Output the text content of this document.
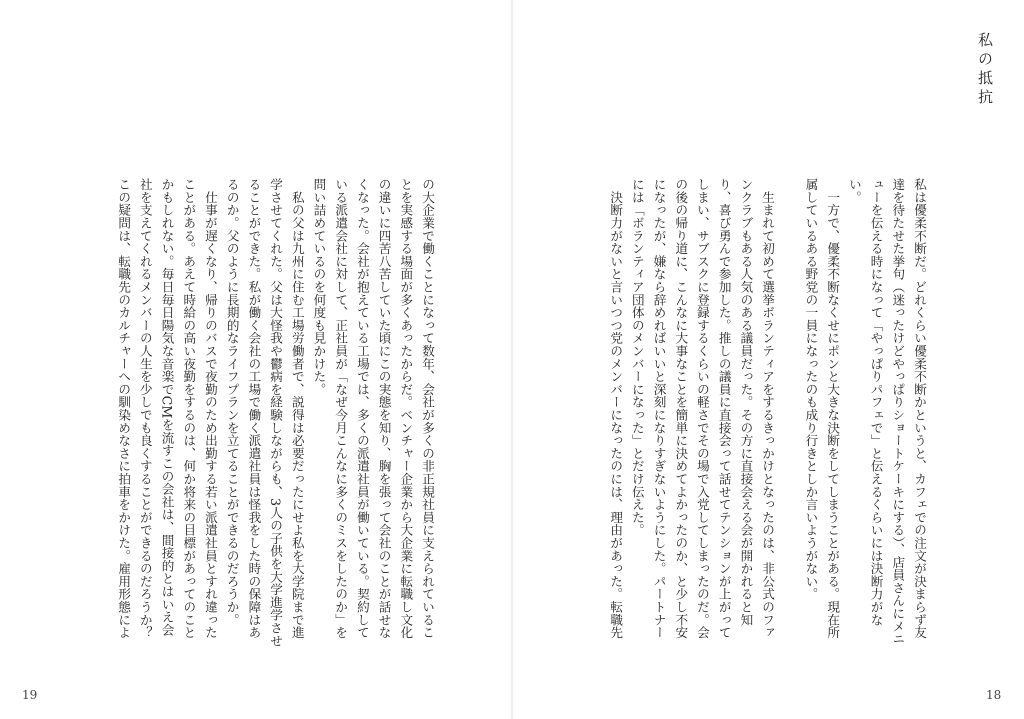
私の抵抗
私は優柔不断だ。どれくらい優柔不断かというと、カフェでの注文が決まらず友達を待たせた挙句（迷ったけどやっぱりショートケーキにする）、店員さんにメニューを伝える時になって「やっぱりパフェで」と伝えるくらいには決断力がない。
　一方で、優柔不断なくせにポンと大きな決断をしてしまうことがある。現在所属しているある野党の一員になったのも成り行きとしか言いようがない。

　生まれて初めて選挙ボランティアをするきっかけとなったのは、非公式のファンクラブもある人気のある議員だった。その方に直接会える会が開かれると知り、喜び勇んで参加した。推しの議員に直接会って話せてテンションが上がってしまい、サブスクに登録するくらいの軽さでその場で入党してしまったのだ。会の後の帰り道に、こんなに大事なことを簡単に決めてよかったのか、と少し不安になったが、嫌なら辞めればいいと深刻になりすぎないようにした。パートナーには「ボランティア団体のメンバーになった」とだけ伝えた。
　決断力がないと言いつつ党のメンバーになったのには、理由があった。転職先
の大企業で働くことになって数年、会社が多くの非正規社員に支えられていることを実感する場面が多くあったからだ。ベンチャー企業から大企業に転職し文化の違いに四苦八苦していた頃にこの実態を知り、胸を張って会社のことが話せなくなった。会社が抱えている工場では、多くの派遣社員が働いている。契約している派遣会社に対して、正社員が「なぜ今月こんなに多くのミスをしたのか」を問い詰めているのを何度も見かけた。
　私の父は九州に住む工場労働者で、説得は必要だったにせよ私を大学院まで進学させてくれた。父は大怪我や鬱病を経験しながらも、3人の子供を大学進学させることができた。私が働く会社の工場で働く派遣社員は怪我をした時の保障はあるのか。父のように長期的なライフプランを立てることができるのだろうか。
　仕事が遅くなり、帰りのバスで夜勤のため出勤する若い派遣社員とすれ違ったことがある。あえて時給の高い夜勤をするのは、何か将来の目標があってのことかもしれない。毎日毎日陽気な音楽でCMを流すこの会社は、間接的とはいえ会社を支えてくれるメンバーの人生を少しでも良くすることができるのだろうか？この疑問は、転職先のカルチャーへの馴染めなさに拍車をかけた。雇用形態によ
19	18
